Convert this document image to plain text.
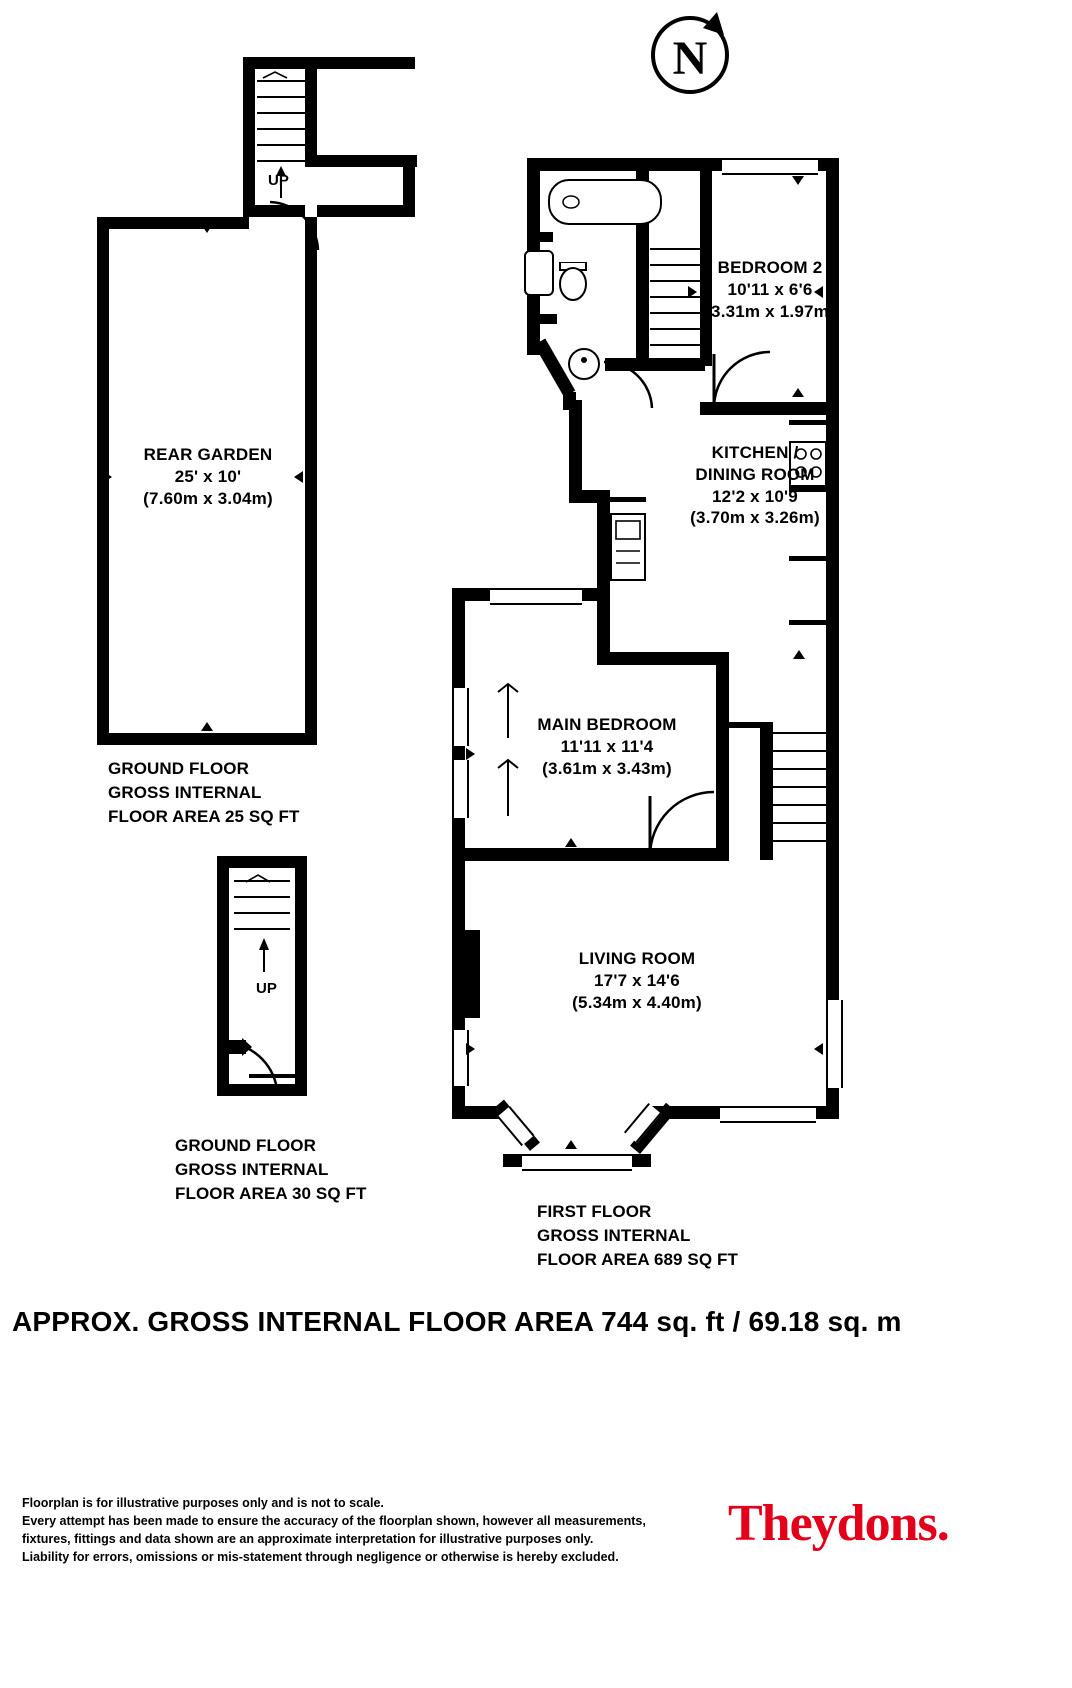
N
UP
REAR GARDEN
25' x 10'
(7.60m x 3.04m)
GROUND FLOOR
GROSS INTERNAL
FLOOR AREA 25 SQ FT
UP
GROUND FLOOR
GROSS INTERNAL
FLOOR AREA 30 SQ FT
BEDROOM 2
10'11 x 6'6
(3.31m x 1.97m)
KITCHEN /
DINING ROOM
12'2 x 10'9
(3.70m x 3.26m)
MAIN BEDROOM
11'11 x 11'4
(3.61m x 3.43m)
LIVING ROOM
17'7 x 14'6
(5.34m x 4.40m)
FIRST FLOOR
GROSS INTERNAL
FLOOR AREA 689 SQ FT
APPROX. GROSS INTERNAL FLOOR AREA 744 sq. ft / 69.18 sq. m
Floorplan is for illustrative purposes only and is not to scale.
Every attempt has been made to ensure the accuracy of the floorplan shown, however all measurements,
fixtures, fittings and data shown are an approximate interpretation for illustrative purposes only.
Liability for errors, omissions or mis-statement through negligence or otherwise is hereby excluded.
Theydons.
